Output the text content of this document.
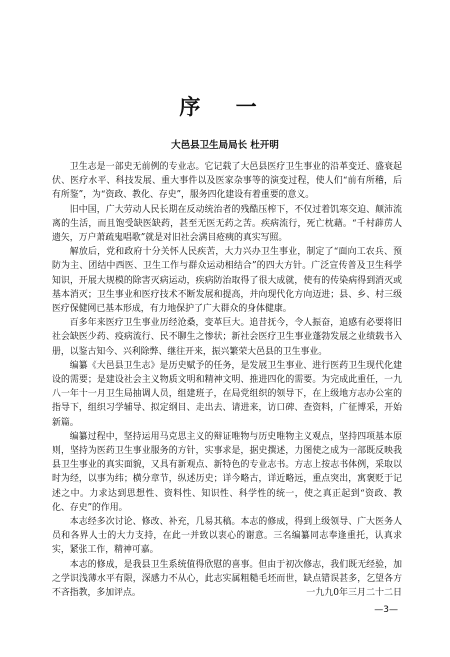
序 一
大邑县卫生局局长 杜开明

卫生志是一部史无前例的专业志。它记载了大邑县医疗卫生事业的沿革变迁、盛衰起伏、医疗水平、科技发展、重大事件以及医家杂事等的演变过程，使人们“前有所稽，后有所鉴”，为“资政、教化、存史”，服务四化建设有着重要的意义。

旧中国，广大劳动人民长期在反动统治者的残酷压榨下，不仅过着饥寒交迫、颠沛流离的生活，而且饱受缺医缺药，甚至无医无药之苦。疾病流行，死亡枕藉。“千村薜苈人遗矢，万户萧疏鬼唱歌”就是对旧社会满目疮痍的真实写照。

解放后，党和政府十分关怀人民疾苦，大力兴办卫生事业，制定了“面向工农兵、预防为主、团结中西医、卫生工作与群众运动相结合”的四大方针。广泛宣传普及卫生科学知识，开展大规模的除害灭病运动，疾病防治取得了很大成就，使有的传染病得到消灭或基本消灭；卫生事业和医疗技术不断发展和提高，并向现代化方向迈进；县、乡、村三级医疗保健网已基本形成，有力地保护了广大群众的身体健康。

百多年来医疗卫生事业历经沧桑，变革巨大。追昔抚今，令人振奋，追感有必要将旧社会缺医少药、疫病流行、民不聊生之惨状；新社会医疗卫生事业蓬勃发展之业绩载书入册，以鉴古知今、兴利除弊、继往开来，振兴繁荣大邑县的卫生事业。

编纂《大邑县卫生志》是历史赋予的任务，是发展卫生事业、进行医药卫生现代化建设的需要；是建设社会主义物质文明和精神文明、推进四化的需要。为完成此重任，一九八一年十一月卫生局抽调人员，组建班子，在局党组织的领导下，在上级地方志办公室的指导下，组织习学辅导、拟定纲目、走出去、请进来，访口碑、查资料，广征博采，开始新篇。

编纂过程中，坚持运用马克思主义的辩证唯物与历史唯物主义观点，坚持四项基本原则，坚持为医药卫生事业服务的方针，实事求是，据史撰述，力图使之成为一部既反映我县卫生事业的真实面貌，又具有新观点、新特色的专业志书。方志上按志书体例，采取以时为经，以事为纬；横分章节，纵述历史；详今略古，详近略远，重点突出，寓褒贬于记述之中。力求达到思想性、资料性、知识性、科学性的统一，使之真正起到“资政、教化、存史”的作用。

本志经多次讨论、修改、补充，几易其稿。本志的修成，得到上级领导、广大医务人员和各界人士的大力支持，在此一并致以衷心的谢意。三名编纂同志奉逢重托，认真求实，紧张工作，精神可嘉。

本志的修成，是我县卫生系统值得欣慰的喜事。但由于初次修志，我们既无经验，加之学识浅薄水平有限，深感力不从心，此志实属粗糙毛坯而世，缺点错误甚多，乞望各方不吝指教，多加评点。	一九九0年三月二十二日
—3—
